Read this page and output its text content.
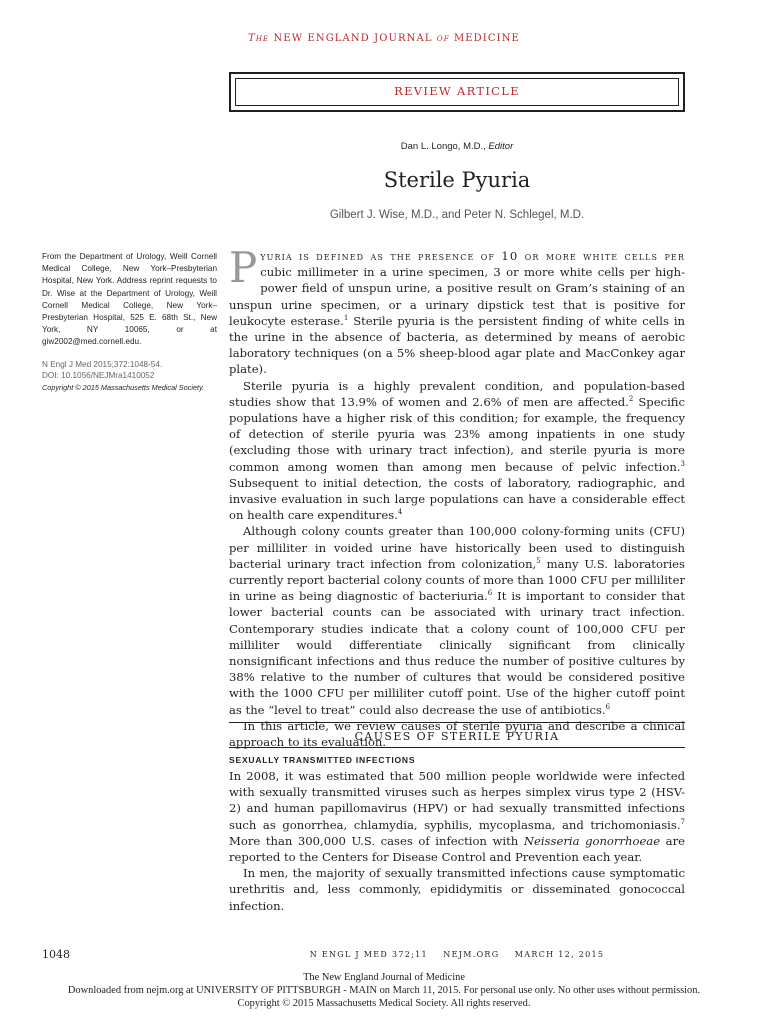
The NEW ENGLAND JOURNAL of MEDICINE
REVIEW ARTICLE
Dan L. Longo, M.D., Editor
Sterile Pyuria
Gilbert J. Wise, M.D., and Peter N. Schlegel, M.D.
From the Department of Urology, Weill Cornell Medical College, New York–Presbyterian Hospital, New York. Address reprint requests to Dr. Wise at the Department of Urology, Weill Cornell Medical College, New York–Presbyterian Hospital, 525 E. 68th St., New York, NY 10065, or at giw2002@med.cornell.edu.
N Engl J Med 2015;372:1048-54.
DOI: 10.1056/NEJMra1410052
Copyright © 2015 Massachusetts Medical Society.

Pyuria is defined as the presence of 10 or more white cells per cubic millimeter in a urine specimen, 3 or more white cells per high-power field of unspun urine, a positive result on Gram’s staining of an unspun urine specimen, or a urinary dipstick test that is positive for leukocyte esterase.$^1$ Sterile pyuria is the persistent finding of white cells in the urine in the absence of bacteria, as determined by means of aerobic laboratory techniques (on a 5% sheep-blood agar plate and MacConkey agar plate).

Sterile pyuria is a highly prevalent condition, and population-based studies show that 13.9% of women and 2.6% of men are affected.$^2$ Specific populations have a higher risk of this condition; for example, the frequency of detection of sterile pyuria was 23% among inpatients in one study (excluding those with urinary tract infection), and sterile pyuria is more common among women than among men because of pelvic infection.$^3$ Subsequent to initial detection, the costs of laboratory, radiographic, and invasive evaluation in such large populations can have a considerable effect on health care expenditures.$^4$

Although colony counts greater than 100,000 colony-forming units (CFU) per milliliter in voided urine have historically been used to distinguish bacterial urinary tract infection from colonization,$^5$ many U.S. laboratories currently report bacterial colony counts of more than 1000 CFU per milliliter in urine as being diagnostic of bacteriuria.$^6$ It is important to consider that lower bacterial counts can be associated with urinary tract infection. Contemporary studies indicate that a colony count of 100,000 CFU per milliliter would differentiate clinically significant from clinically nonsignificant infections and thus reduce the number of positive cultures by 38% relative to the number of cultures that would be considered positive with the 1000 CFU per milliliter cutoff point. Use of the higher cutoff point as the “level to treat” could also decrease the use of antibiotics.$^6$

In this article, we review causes of sterile pyuria and describe a clinical approach to its evaluation.

CAUSES OF STERILE PYURIA
SEXUALLY TRANSMITTED INFECTIONS

In 2008, it was estimated that 500 million people worldwide were infected with sexually transmitted viruses such as herpes simplex virus type 2 (HSV-2) and human papillomavirus (HPV) or had sexually transmitted infections such as gonorrhea, chlamydia, syphilis, mycoplasma, and trichomoniasis.$^7$ More than 300,000 U.S. cases of infection with Neisseria gonorrhoeae are reported to the Centers for Disease Control and Prevention each year.

In men, the majority of sexually transmitted infections cause symptomatic urethritis and, less commonly, epididymitis or disseminated gonococcal infection.

1048	N ENGL J MED 372;11    NEJM.ORG    MARCH 12, 2015
The New England Journal of Medicine
Downloaded from nejm.org at UNIVERSITY OF PITTSBURGH - MAIN on March 11, 2015. For personal use only. No other uses without permission.
Copyright © 2015 Massachusetts Medical Society. All rights reserved.
